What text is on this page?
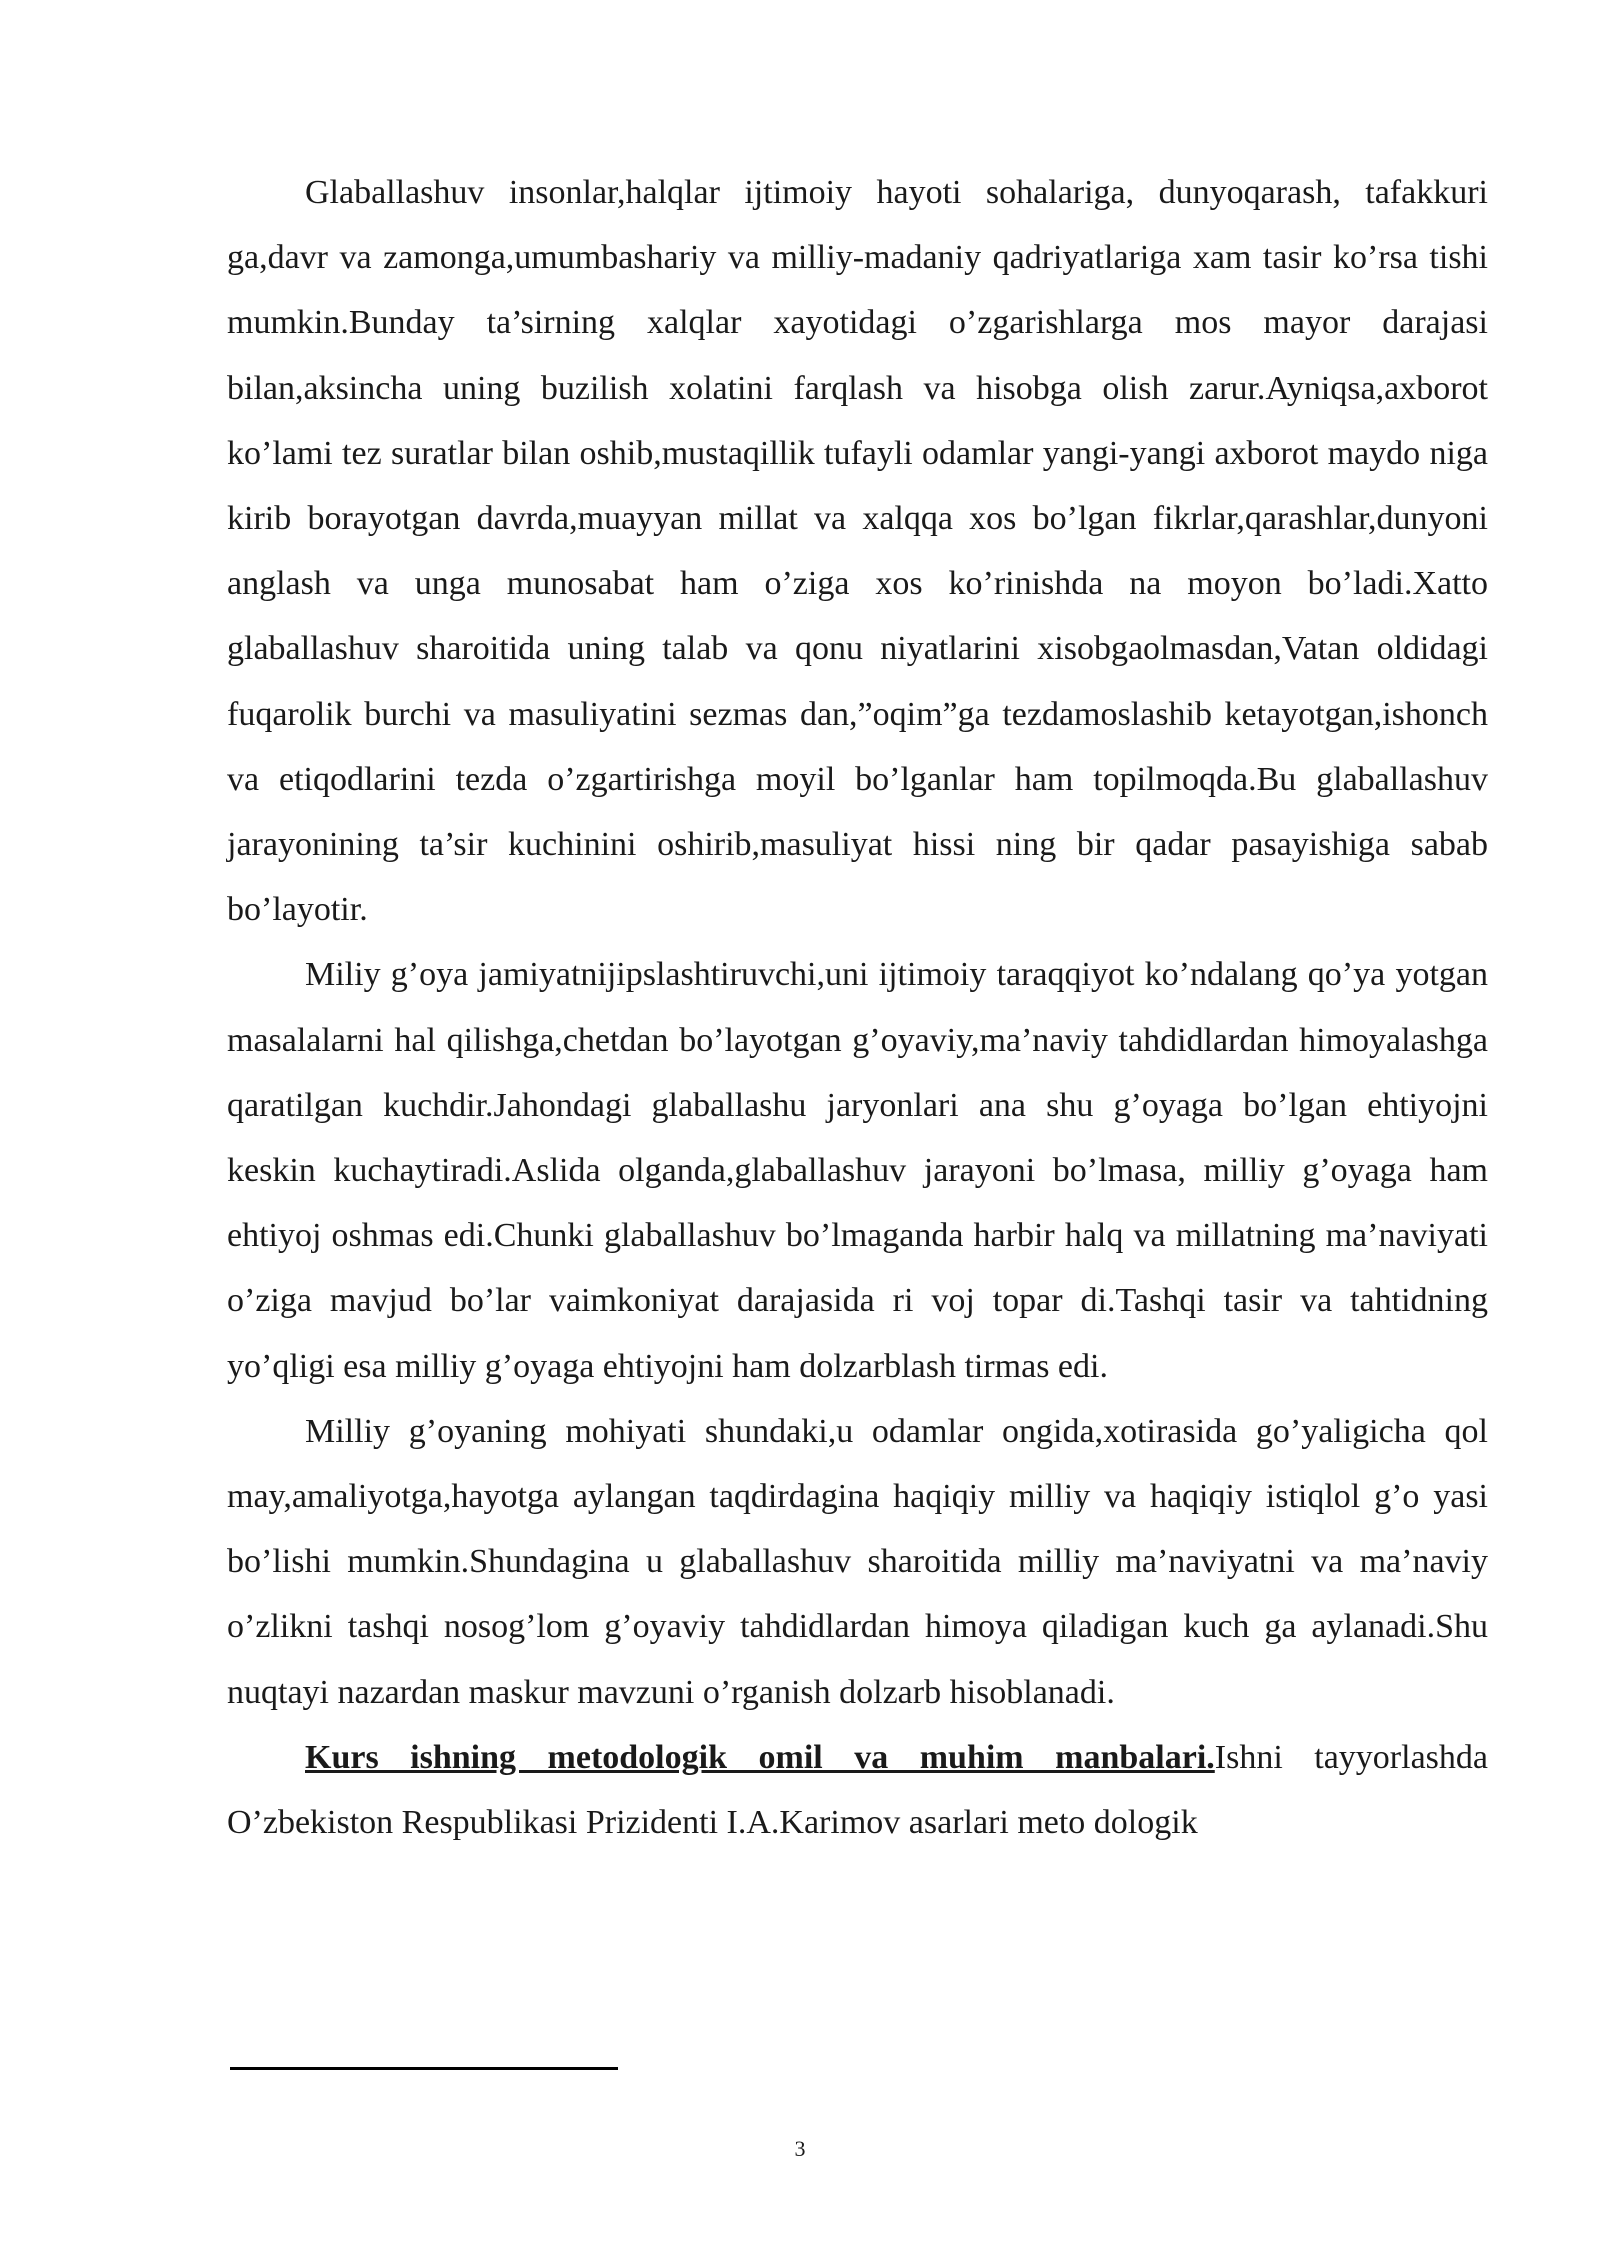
Glaballashuv insonlar,halqlar ijtimoiy hayoti sohalariga, dunyoqarash, tafakkuri ga,davr va zamonga,umumbashariy va milliy-madaniy qadriyatlariga xam tasir ko’rsa tishi mumkin.Bunday ta’sirning xalqlar xayotidagi o’zgarishlarga mos mayor darajasi bilan,aksincha uning buzilish xolatini farqlash va hisobga olish zarur.Ayniqsa,axborot ko’lami tez suratlar bilan oshib,mustaqillik tufayli odamlar yangi-yangi axborot maydo niga kirib borayotgan davrda,muayyan millat va xalqqa xos bo’lgan fikrlar,qarashlar,dunyoni anglash va unga munosabat ham o’ziga xos ko’rinishda na moyon bo’ladi.Xatto glaballashuv sharoitida uning talab va qonu niyatlarini xisobgaolmasdan,Vatan oldidagi fuqarolik burchi va masuliyatini sezmas dan,”oqim”ga tezdamoslashib ketayotgan,ishonch va etiqodlarini tezda o’zgartirishga moyil bo’lganlar ham topilmoqda.Bu glaballashuv jarayonining ta’sir kuchinini oshirib,masuliyat hissi ning bir qadar pasayishiga sabab bo’layotir.

Miliy g’oya jamiyatnijipslashtiruvchi,uni ijtimoiy taraqqiyot ko’ndalang qo’ya yotgan masalalarni hal qilishga,chetdan bo’layotgan g’oyaviy,ma’naviy tahdidlardan himoyalashga qaratilgan kuchdir.Jahondagi glaballashu jaryonlari ana shu g’oyaga bo’lgan ehtiyojni keskin kuchaytiradi.Aslida olganda,glaballashuv jarayoni bo’lmasa, milliy g’oyaga ham ehtiyoj oshmas edi.Chunki glaballashuv bo’lmaganda harbir halq va millatning ma’naviyati o’ziga mavjud bo’lar vaimkoniyat darajasida ri voj topar di.Tashqi tasir va tahtidning yo’qligi esa milliy g’oyaga ehtiyojni ham dolzarblash tirmas edi.

Milliy g’oyaning mohiyati shundaki,u odamlar ongida,xotirasida go’yaligicha qol may,amaliyotga,hayotga aylangan taqdirdagina haqiqiy milliy va haqiqiy istiqlol g’o yasi bo’lishi mumkin.Shundagina u glaballashuv sharoitida milliy ma’naviyatni va ma’naviy o’zlikni tashqi nosog’lom g’oyaviy tahdidlardan himoya qiladigan kuch ga aylanadi.Shu nuqtayi nazardan maskur mavzuni o’rganish dolzarb hisoblanadi.

Kurs ishning metodologik omil va muhim manbalari.Ishni tayyorlashda O’zbekiston Respublikasi Prizidenti I.A.Karimov asarlari meto dologik

3
